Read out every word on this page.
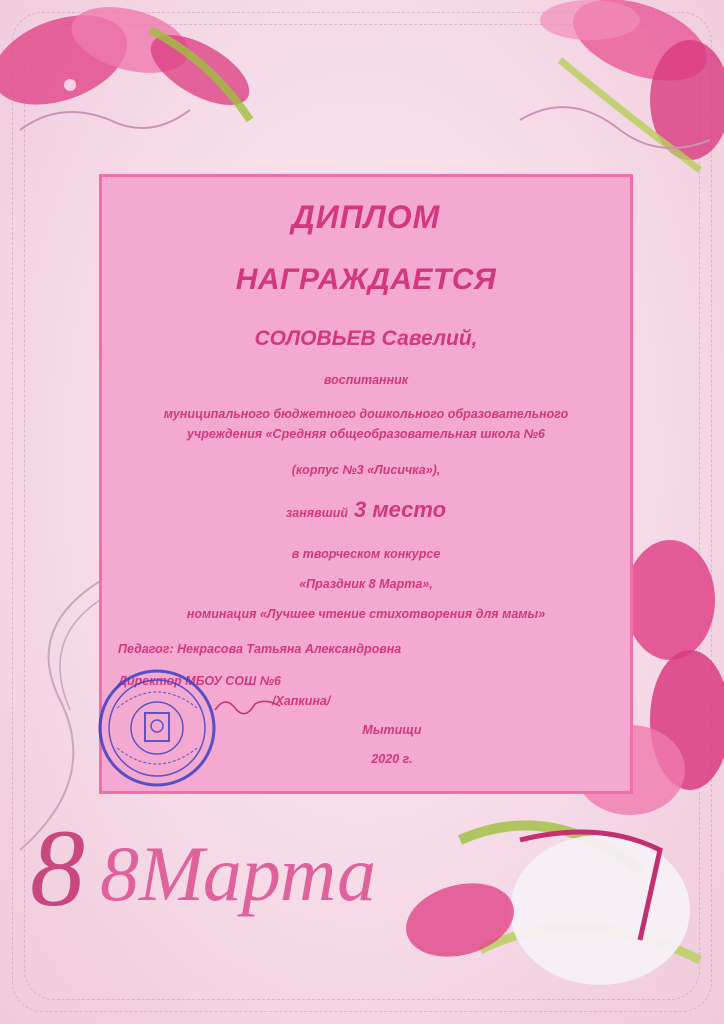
8 8Марта
ДИПЛОМ
НАГРАЖДАЕТСЯ
СОЛОВЬЕВ Савелий,
воспитанник
муниципального бюджетного дошкольного образовательного
учреждения «Средняя общеобразовательная школа №6
(корпус №3 «Лисичка»),
занявший 3 место
в творческом конкурсе
«Праздник 8 Марта»,
номинация «Лучшее чтение стихотворения для мамы»
Педагог: Некрасова Татьяна Александровна
Директор МБОУ СОШ №6
/Хапкина/
Мытищи
2020 г.
